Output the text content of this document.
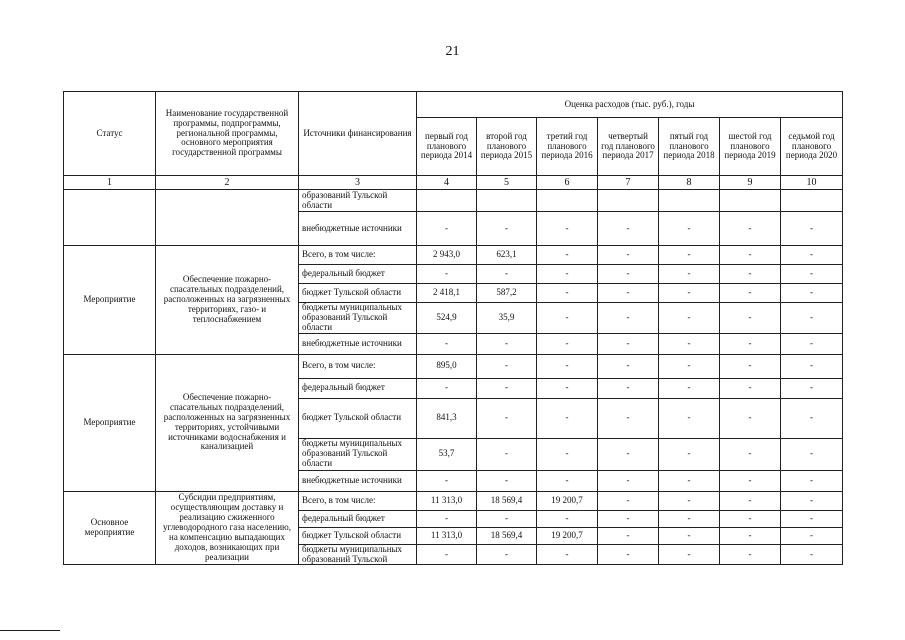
21
Статус	Наименование государственной программы, подпрограммы, региональной программы, основного мероприятия государственной программы	Источники финансирования	Оценка расходов (тыс. руб.), годы						
			первый год планового периода 2014	второй год планового периода 2015	третий год планового периода 2016	четвертый год планового периода 2017	пятый год планового периода 2018	шестой год планового периода 2019	седьмой год планового периода 2020
1	2	3	4	5	6	7	8	9	10
		образований Тульской области							
		внебюджетные источники	-	-	-	-	-	-	-
Мероприятие	Обеспечение пожарно-спасательных подразделений, расположенных на загрязненных территориях, газо- и теплоснабжением	Всего, в том числе:	2 943,0	623,1	-	-	-	-	-
		федеральный бюджет	-	-	-	-	-	-	-
		бюджет Тульской области	2 418,1	587,2	-	-	-	-	-
		бюджеты муниципальных образований Тульской области	524,9	35,9	-	-	-	-	-
		внебюджетные источники	-	-	-	-	-	-	-
Мероприятие	Обеспечение пожарно-спасательных подразделений, расположенных на загрязненных территориях, устойчивыми источниками водоснабжения и канализацией	Всего, в том числе:	895,0	-	-	-	-	-	-
		федеральный бюджет	-	-	-	-	-	-	-
		бюджет Тульской области	841,3	-	-	-	-	-	-
		бюджеты муниципальных образований Тульской области	53,7	-	-	-	-	-	-
		внебюджетные источники	-	-	-	-	-	-	-
Основное мероприятие	Субсидии предприятиям, осуществляющим доставку и реализацию сжиженного углеводородного газа населению, на компенсацию выпадающих доходов, возникающих при реализации	Всего, в том числе:	11 313,0	18 569,4	19 200,7	-	-	-	-
		федеральный бюджет	-	-	-	-	-	-	-
		бюджет Тульской области	11 313,0	18 569,4	19 200,7	-	-	-	-
		бюджеты муниципальных образований Тульской	-	-	-	-	-	-	-
